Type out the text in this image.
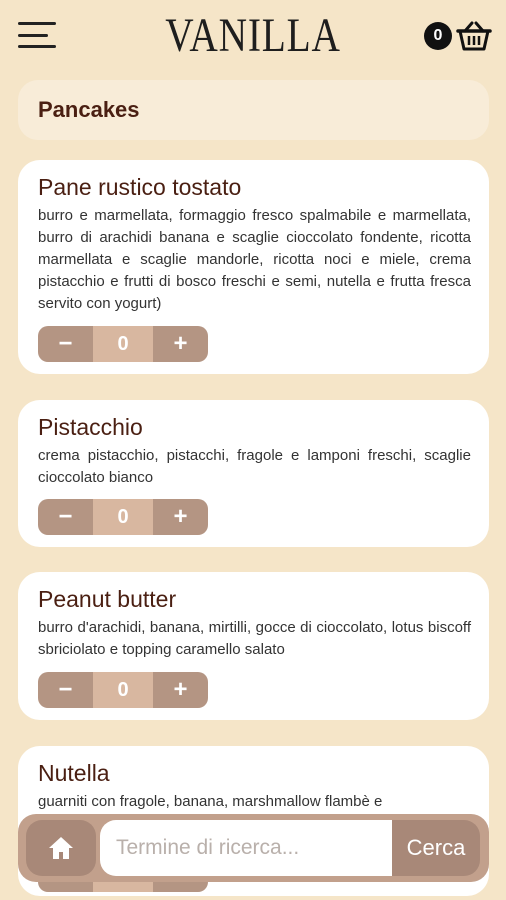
VANILLA	0
Pancakes
Pane rustico tostato
burro e marmellata, formaggio fresco spalmabile e marmellata, burro di arachidi banana e scaglie cioccolato fondente, ricotta marmellata e scaglie mandorle, ricotta noci e miele, crema pistacchio e frutti di bosco freschi e semi, nutella e frutta fresca servito con yogurt)
−	0	+
Pistacchio
crema pistacchio, pistacchi, fragole e lamponi freschi, scaglie cioccolato bianco
−	0	+
Peanut butter
burro d'arachidi, banana, mirtilli, gocce di cioccolato, lotus biscoff sbriciolato e topping caramello salato
−	0	+
Nutella
guarniti con fragole, banana, marshmallow flambè e
Termine di ricerca...
Cerca
